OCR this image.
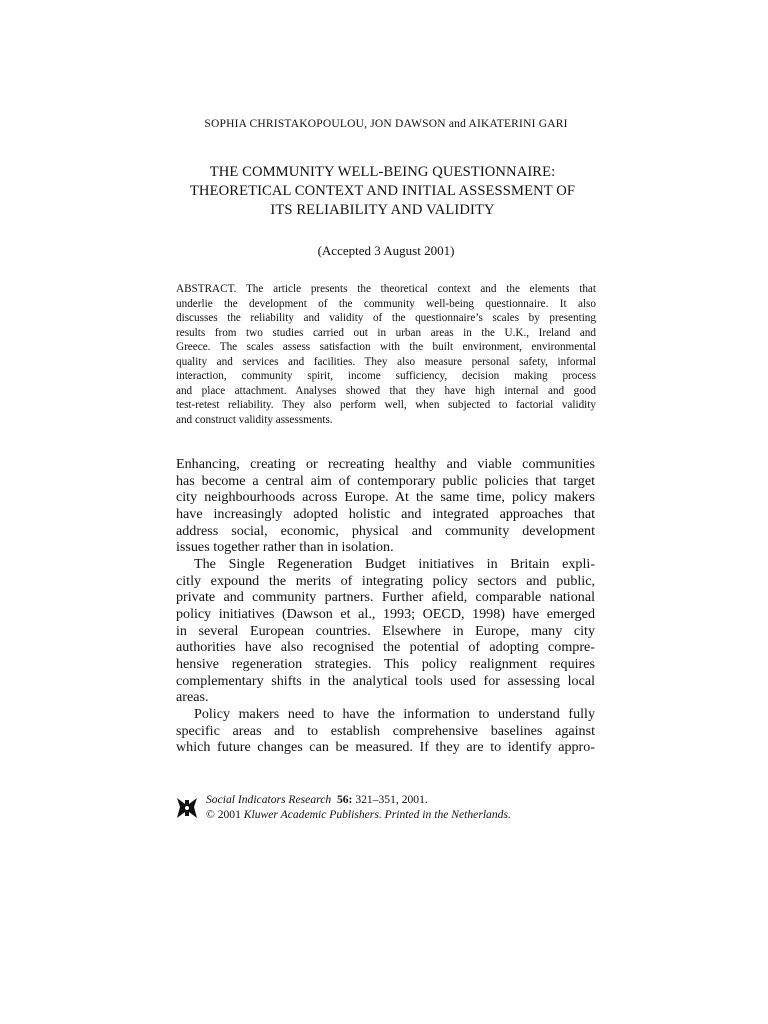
SOPHIA CHRISTAKOPOULOU, JON DAWSON and AIKATERINI GARI
THE COMMUNITY WELL-BEING QUESTIONNAIRE:
THEORETICAL CONTEXT AND INITIAL ASSESSMENT OF
ITS RELIABILITY AND VALIDITY
(Accepted 3 August 2001)
ABSTRACT. The article presents the theoretical context and the elements that
underlie the development of the community well-being questionnaire. It also
discusses the reliability and validity of the questionnaire’s scales by presenting
results from two studies carried out in urban areas in the U.K., Ireland and
Greece. The scales assess satisfaction with the built environment, environmental
quality and services and facilities. They also measure personal safety, informal
interaction, community spirit, income sufficiency, decision making process
and place attachment. Analyses showed that they have high internal and good
test-retest reliability. They also perform well, when subjected to factorial validity
and construct validity assessments.
Enhancing, creating or recreating healthy and viable communities
has become a central aim of contemporary public policies that target
city neighbourhoods across Europe. At the same time, policy makers
have increasingly adopted holistic and integrated approaches that
address social, economic, physical and community development
issues together rather than in isolation.
The Single Regeneration Budget initiatives in Britain expli-
citly expound the merits of integrating policy sectors and public,
private and community partners. Further afield, comparable national
policy initiatives (Dawson et al., 1993; OECD, 1998) have emerged
in several European countries. Elsewhere in Europe, many city
authorities have also recognised the potential of adopting compre-
hensive regeneration strategies. This policy realignment requires
complementary shifts in the analytical tools used for assessing local
areas.
Policy makers need to have the information to understand fully
specific areas and to establish comprehensive baselines against
which future changes can be measured. If they are to identify appro-
Social Indicators Research 56: 321–351, 2001.
© 2001 Kluwer Academic Publishers. Printed in the Netherlands.
